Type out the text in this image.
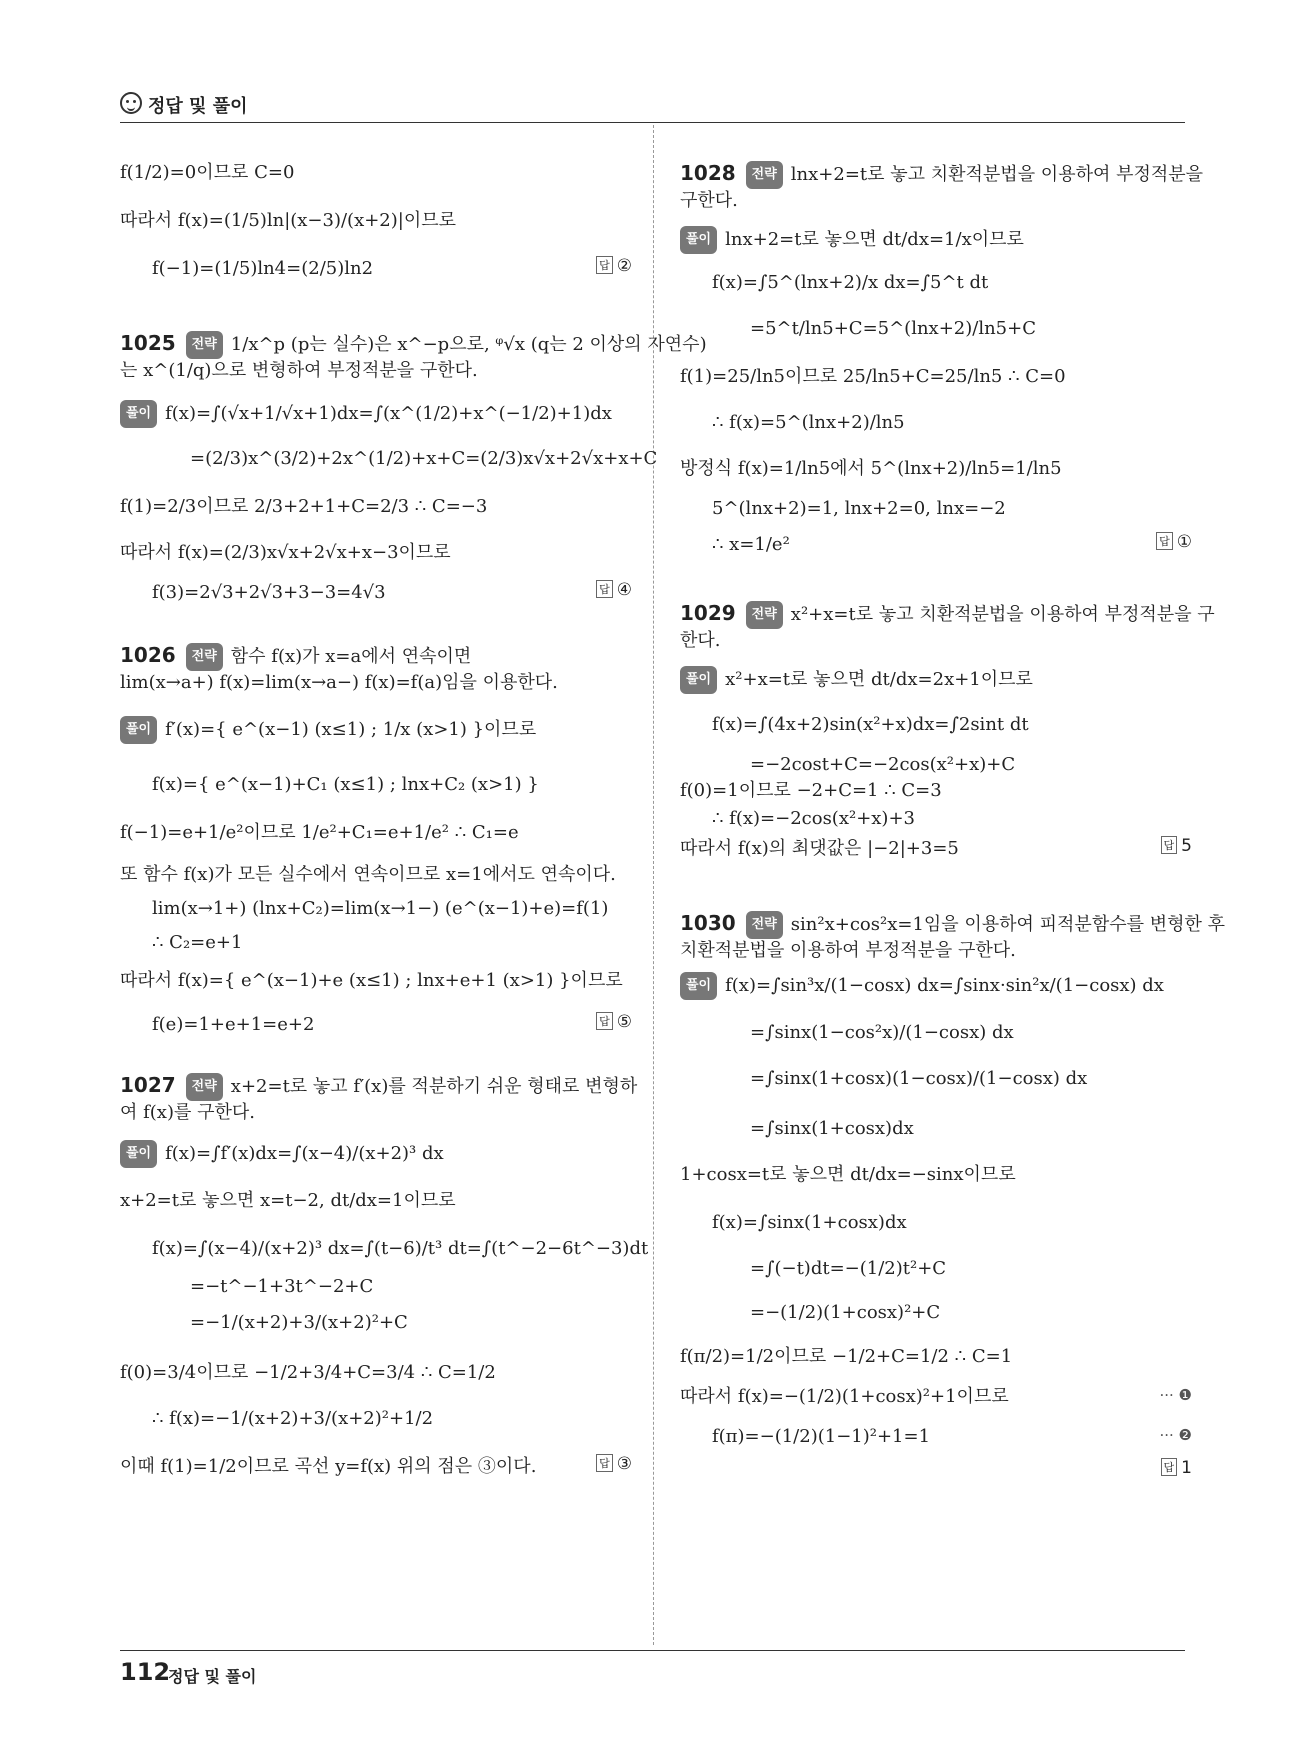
정답 및 풀이
f(1/2)=0이므로 C=0
따라서 f(x)=(1/5)ln|(x−3)/(x+2)|이므로
f(−1)=(1/5)ln4=(2/5)ln2	답 ②
1025 전략 1/x^p (p는 실수)은 x^−p으로, ᵠ√x (q는 2 이상의 자연수)
는 x^(1/q)으로 변형하여 부정적분을 구한다.
풀이 f(x)=∫(√x+1/√x+1)dx=∫(x^(1/2)+x^(−1/2)+1)dx
=(2/3)x^(3/2)+2x^(1/2)+x+C=(2/3)x√x+2√x+x+C
f(1)=2/3이므로 2/3+2+1+C=2/3 ∴ C=−3
따라서 f(x)=(2/3)x√x+2√x+x−3이므로
f(3)=2√3+2√3+3−3=4√3	답 ④
1026 전략 함수 f(x)가 x=a에서 연속이면
lim(x→a+) f(x)=lim(x→a−) f(x)=f(a)임을 이용한다.
풀이 f′(x)={ e^(x−1) (x≤1) ; 1/x (x>1) }이므로
f(x)={ e^(x−1)+C₁ (x≤1) ; lnx+C₂ (x>1) }
f(−1)=e+1/e²이므로 1/e²+C₁=e+1/e² ∴ C₁=e
또 함수 f(x)가 모든 실수에서 연속이므로 x=1에서도 연속이다.
lim(x→1+) (lnx+C₂)=lim(x→1−) (e^(x−1)+e)=f(1)
∴ C₂=e+1
따라서 f(x)={ e^(x−1)+e (x≤1) ; lnx+e+1 (x>1) }이므로
f(e)=1+e+1=e+2	답 ⑤
1027 전략 x+2=t로 놓고 f′(x)를 적분하기 쉬운 형태로 변형하
여 f(x)를 구한다.
풀이 f(x)=∫f′(x)dx=∫(x−4)/(x+2)³ dx
x+2=t로 놓으면 x=t−2, dt/dx=1이므로
f(x)=∫(x−4)/(x+2)³ dx=∫(t−6)/t³ dt=∫(t^−2−6t^−3)dt
=−t^−1+3t^−2+C
=−1/(x+2)+3/(x+2)²+C
f(0)=3/4이므로 −1/2+3/4+C=3/4 ∴ C=1/2
∴ f(x)=−1/(x+2)+3/(x+2)²+1/2
이때 f(1)=1/2이므로 곡선 y=f(x) 위의 점은 ③이다.	답 ③
1028 전략 lnx+2=t로 놓고 치환적분법을 이용하여 부정적분을
구한다.
풀이 lnx+2=t로 놓으면 dt/dx=1/x이므로
f(x)=∫5^(lnx+2)/x dx=∫5^t dt
=5^t/ln5+C=5^(lnx+2)/ln5+C
f(1)=25/ln5이므로 25/ln5+C=25/ln5 ∴ C=0
∴ f(x)=5^(lnx+2)/ln5
방정식 f(x)=1/ln5에서 5^(lnx+2)/ln5=1/ln5
5^(lnx+2)=1, lnx+2=0, lnx=−2
∴ x=1/e²	답 ①
1029 전략 x²+x=t로 놓고 치환적분법을 이용하여 부정적분을 구
한다.
풀이 x²+x=t로 놓으면 dt/dx=2x+1이므로
f(x)=∫(4x+2)sin(x²+x)dx=∫2sint dt
=−2cost+C=−2cos(x²+x)+C
f(0)=1이므로 −2+C=1 ∴ C=3
∴ f(x)=−2cos(x²+x)+3
따라서 f(x)의 최댓값은 |−2|+3=5	답 5
1030 전략 sin²x+cos²x=1임을 이용하여 피적분함수를 변형한 후
치환적분법을 이용하여 부정적분을 구한다.
풀이 f(x)=∫sin³x/(1−cosx) dx=∫sinx·sin²x/(1−cosx) dx
=∫sinx(1−cos²x)/(1−cosx) dx
=∫sinx(1+cosx)(1−cosx)/(1−cosx) dx
=∫sinx(1+cosx)dx
1+cosx=t로 놓으면 dt/dx=−sinx이므로
f(x)=∫sinx(1+cosx)dx
=∫(−t)dt=−(1/2)t²+C
=−(1/2)(1+cosx)²+C
f(π/2)=1/2이므로 −1/2+C=1/2 ∴ C=1
따라서 f(x)=−(1/2)(1+cosx)²+1이므로	··· ❶
f(π)=−(1/2)(1−1)²+1=1	··· ❷
답 1
112
정답 및 풀이
